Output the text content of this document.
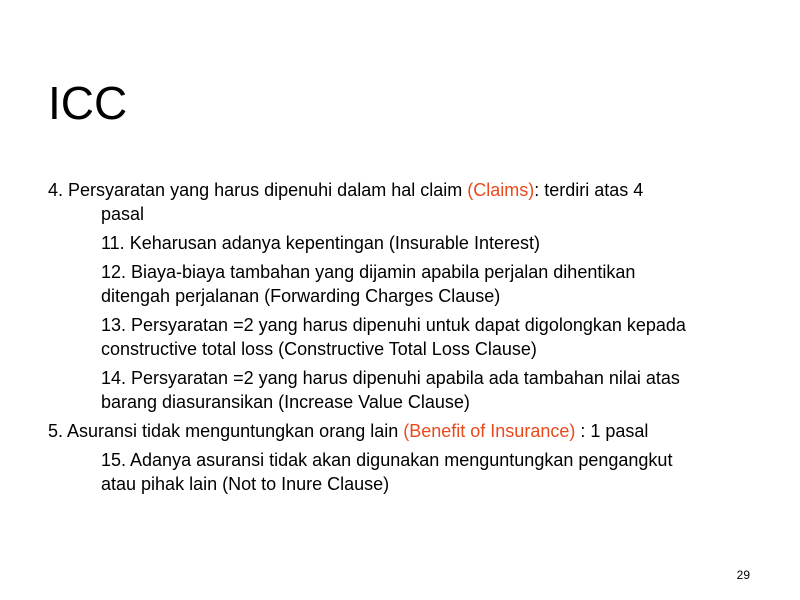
ICC
4. Persyaratan yang harus dipenuhi dalam hal claim (Claims): terdiri atas 4
pasal
11. Keharusan adanya kepentingan (Insurable Interest)
12. Biaya-biaya tambahan yang dijamin apabila perjalan dihentikan
ditengah perjalanan (Forwarding Charges Clause)
13. Persyaratan =2 yang harus dipenuhi untuk dapat digolongkan kepada
constructive total loss (Constructive Total Loss Clause)
14. Persyaratan =2 yang harus dipenuhi apabila ada tambahan nilai atas
barang diasuransikan (Increase Value Clause)
5. Asuransi tidak menguntungkan orang lain (Benefit of Insurance) : 1 pasal
15. Adanya asuransi tidak akan digunakan menguntungkan pengangkut
atau pihak lain (Not to Inure Clause)
29
